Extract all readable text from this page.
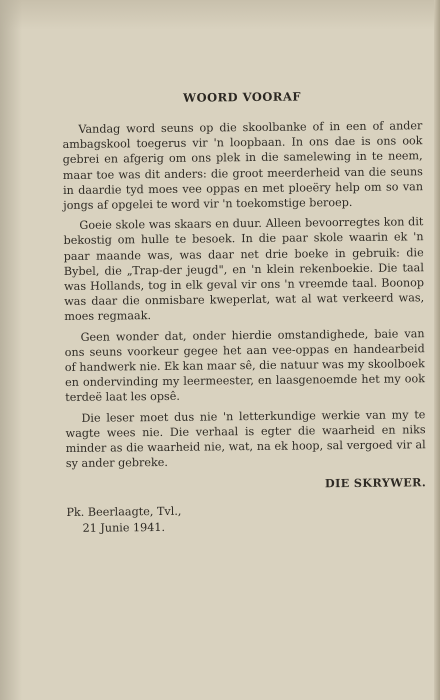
WOORD VOORAF

Vandag word seuns op die skoolbanke of in een of ander ambagskool toegerus vir 'n loopbaan. In ons dae is ons ook gebrei en afgerig om ons plek in die samelewing in te neem, maar toe was dit anders: die groot meerderheid van die seuns in daardie tyd moes vee oppas en met ploeëry help om so van jongs af opgelei te word vir 'n toekomstige beroep.

Goeie skole was skaars en duur. Alleen bevoorregtes kon dit bekostig om hulle te besoek. In die paar skole waarin ek 'n paar maande was, was daar net drie boeke in gebruik: die Bybel, die „Trap-der jeugd", en 'n klein rekenboekie. Die taal was Hollands, tog in elk geval vir ons 'n vreemde taal. Boonop was daar die onmisbare kweperlat, wat al wat verkeerd was, moes regmaak.

Geen wonder dat, onder hierdie omstandighede, baie van ons seuns voorkeur gegee het aan vee-oppas en handearbeid of handwerk nie. Ek kan maar sê, die natuur was my skoolboek en ondervinding my leermeester, en laasgenoemde het my ook terdeë laat les opsê.

Die leser moet dus nie 'n letterkundige werkie van my te wagte wees nie. Die verhaal is egter die waarheid en niks minder as die waarheid nie, wat, na ek hoop, sal vergoed vir al sy ander gebreke.

DIE SKRYWER.
Pk. Beerlaagte, Tvl.,
21 Junie 1941.
